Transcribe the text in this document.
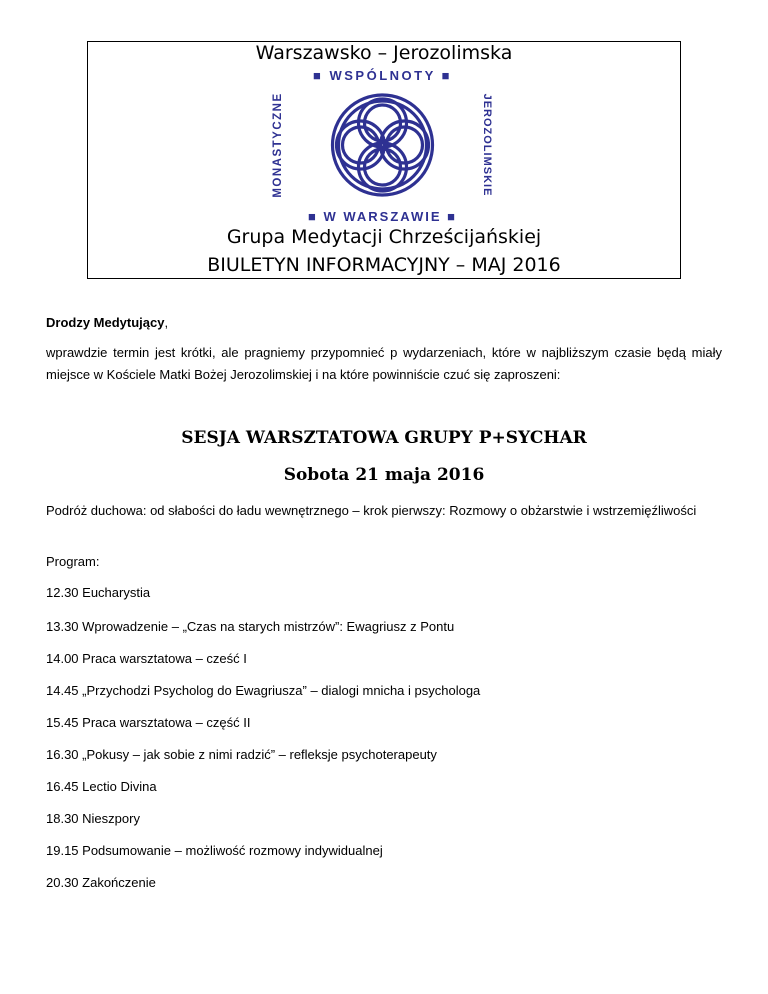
Warszawsko – Jerozolimska
Grupa Medytacji Chrześcijańskiej
BIULETYN INFORMACYJNY – MAJ 2016
■ WSPÓLNOTY ■
■ W WARSZAWIE ■
MONASTYCZNE	JEROZOLIMSKIE

Drodzy Medytujący,

wprawdzie termin jest krótki, ale pragniemy przypomnieć p wydarzeniach, które w najbliższym czasie będą miały miejsce w Kościele Matki Bożej Jerozolimskiej i na które powinniście czuć się zaproszeni:

SESJA WARSZTATOWA GRUPY P+SYCHAR
Sobota 21 maja 2016

Podróż duchowa: od słabości do ładu wewnętrznego – krok pierwszy: Rozmowy o obżarstwie i wstrzemięźliwości

Program:

12.30 Eucharystia

13.30 Wprowadzenie – „Czas na starych mistrzów”: Ewagriusz z Pontu

14.00 Praca warsztatowa – cześć I

14.45 „Przychodzi Psycholog do Ewagriusza” – dialogi mnicha i psychologa

15.45 Praca warsztatowa – część II

16.30 „Pokusy – jak sobie z nimi radzić” – refleksje psychoterapeuty

16.45 Lectio Divina

18.30 Nieszpory

19.15 Podsumowanie – możliwość rozmowy indywidualnej

20.30 Zakończenie
